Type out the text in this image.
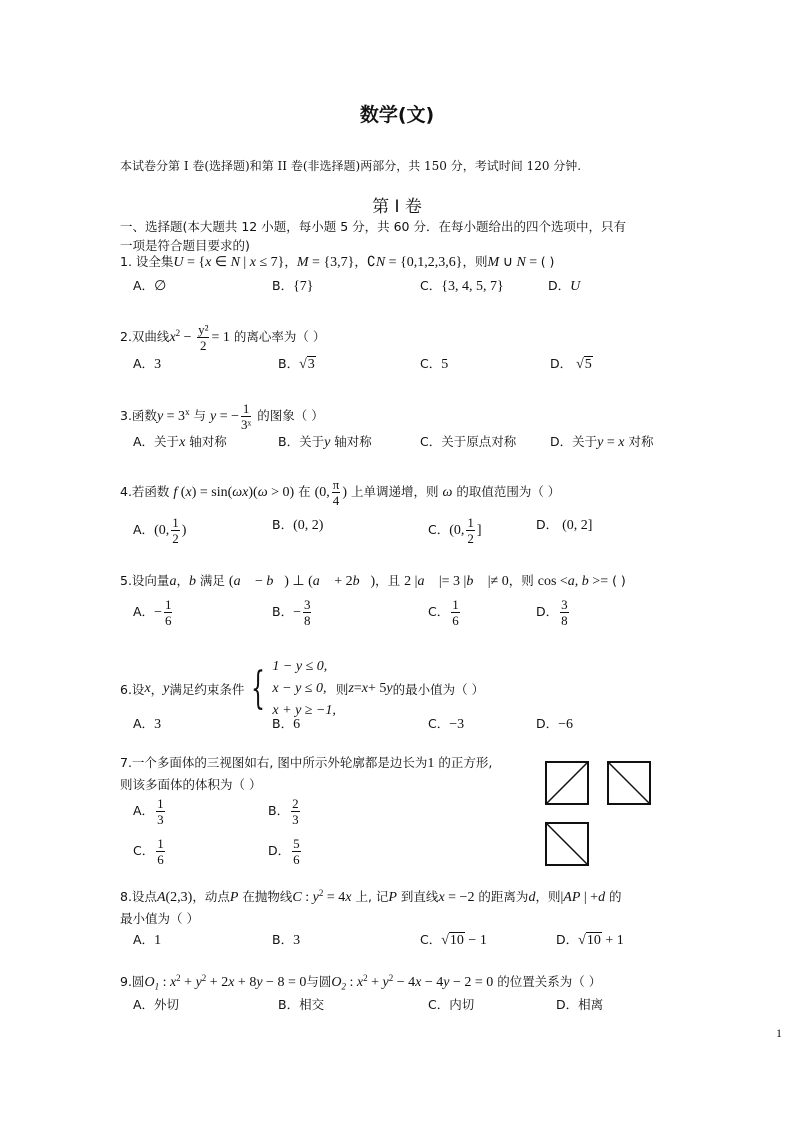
数学(文)
本试卷分第 I 卷(选择题)和第 II 卷(非选择题)两部分，共 150 分，考试时间 120 分钟.
第 I 卷
一、选择题(本大题共 12 小题，每小题 5 分，共 60 分．在每小题给出的四个选项中，只有
一项是符合题目要求的)
1. 设全集U = {x ∈ N | x ≤ 7}，M = {3,7}，∁N = {0,1,2,3,6}，则M ∪ N = ( )
A．∅	B．{7}	C．{3, 4, 5, 7}	D．U
2.双曲线$x^2 - \frac{\text{y²}}{2} = 1$ 的离心率为（ ）
A．3	B．√3	C．5	D． √5
3.函数$y = 3^x$ 与 y = − $\frac{1}{\text{3ˣ}}$ 的图象（ ）
A．关于x 轴对称	B．关于y 轴对称	C．关于原点对称	D．关于y = x 对称
4.若函数 f (x) = sin(ωx)(ω > 0) 在 (0, $\frac{\pi}{4}$ ) 上单调递增，则 ω 的取值范围为（ ）
A．(0, $\frac{1}{2}$ )	B．(0, 2)	C．(0, $\frac{1}{2}$ ]	D． (0, 2]
5.设向量a，b 满足 (a⃗ − b⃗) ⊥ (a⃗ + 2b⃗)，且 2 |a⃗ |= 3 |b⃗ |≠ 0，则 cos <a, b >= ( )
A．− $\frac{1}{6}$	B．− $\frac{3}{8}$	C． $\frac{1}{6}$	D． $\frac{3}{8}$
6.设 x ， y 满足约束条件 { 1 − y ≤ 0,
x − y ≤ 0,
x + y ≥ −1,
则 z = x + 5 y 的最小值为（ ）
A．3	B．6	C．−3	D．−6
7.一个多面体的三视图如右, 图中所示外轮廓都是边长为1 的正方形,
则该多面体的体积为（ ）
A． $\frac{1}{3}$	B． $\frac{2}{3}$
C． $\frac{1}{6}$	D． $\frac{5}{6}$
8.设点A(2,3)，动点P 在抛物线C : $y^2 = 4x$ 上, 记P 到直线x = −2 的距离为d，则|AP | +d 的
最小值为（ ）
A．1	B．3	C．√10 − 1	D．√10 + 1
9.圆$O_1$ : $x^2 + y^2 + 2x + 8y - 8 = 0$与圆$O_2$ : $x^2 + y^2 - 4x - 4y - 2 = 0$ 的位置关系为（ ）
A．外切	B．相交	C．内切	D．相离
1
